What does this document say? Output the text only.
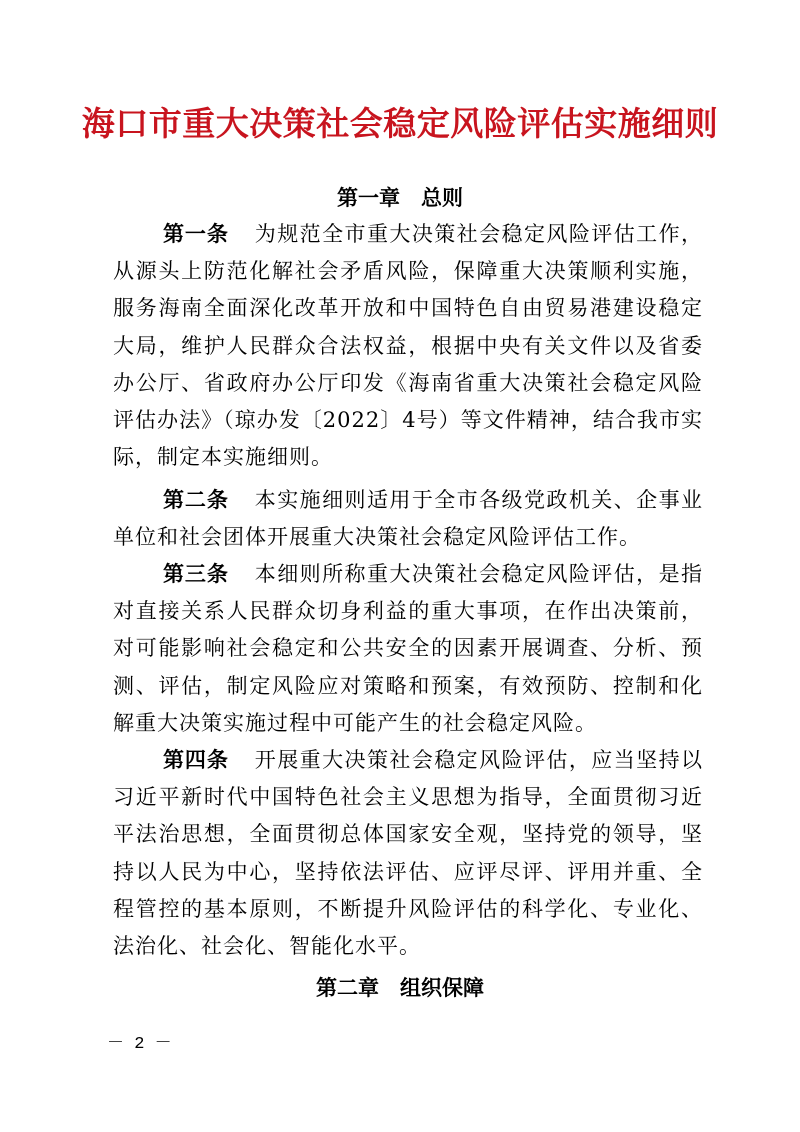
海口市重大决策社会稳定风险评估实施细则
第一章　总则

第一条 为规范全市重大决策社会稳定风险评估工作，从源头上防范化解社会矛盾风险，保障重大决策顺利实施，服务海南全面深化改革开放和中国特色自由贸易港建设稳定大局，维护人民群众合法权益，根据中央有关文件以及省委办公厅、省政府办公厅印发《海南省重大决策社会稳定风险评估办法》（琼办发〔2022〕4号）等文件精神，结合我市实际，制定本实施细则。

第二条 本实施细则适用于全市各级党政机关、企事业单位和社会团体开展重大决策社会稳定风险评估工作。

第三条 本细则所称重大决策社会稳定风险评估，是指对直接关系人民群众切身利益的重大事项，在作出决策前，对可能影响社会稳定和公共安全的因素开展调查、分析、预测、评估，制定风险应对策略和预案，有效预防、控制和化解重大决策实施过程中可能产生的社会稳定风险。

第四条 开展重大决策社会稳定风险评估，应当坚持以习近平新时代中国特色社会主义思想为指导，全面贯彻习近平法治思想，全面贯彻总体国家安全观，坚持党的领导，坚持以人民为中心，坚持依法评估、应评尽评、评用并重、全程管控的基本原则，不断提升风险评估的科学化、专业化、法治化、社会化、智能化水平。

第二章　组织保障
－ 2 －
